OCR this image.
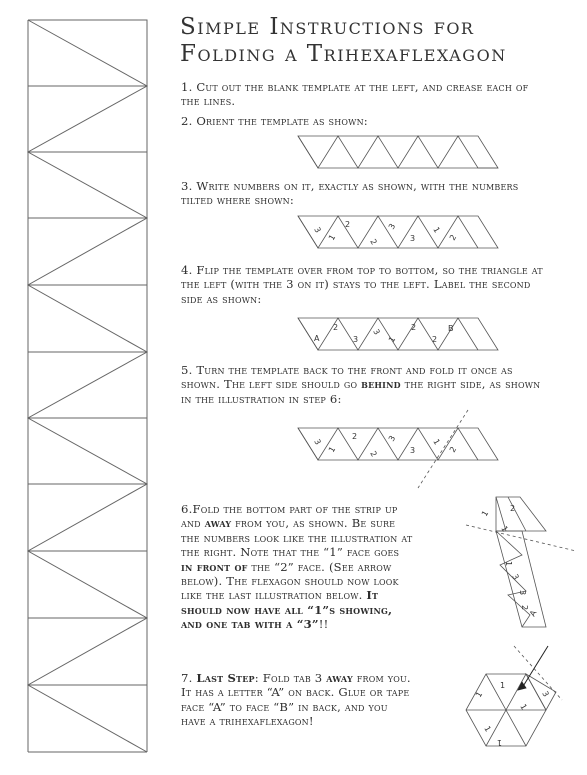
Simple Instructions for
Folding a Trihexaflexagon

1. Cut out the blank template at the left, and crease each of the lines.

2. Orient the template as shown:

3. Write numbers on it, exactly as shown, with the numbers tilted where shown:

3
1
2
2
3
3
1
2

4. Flip the template over from top to bottom, so the triangle at the left (with the 3 on it) stays to the left. Label the second side as shown:

A
2
3
3
1
2
2
B

5. Turn the template back to the front and fold it once as shown. The left side should go behind the right side, as shown in the illustration in step 6:

3
1
2
2
3
3
1
2

6.Fold the bottom part of the strip up and away from you, as shown. Be sure the numbers look like the illustration at the right. Note that the “1” face goes in front of the “2” face. (See arrow below). The flexagon should now look like the last illustration below. It should now have all “1”s showing, and one tab with a “3”!!

1
2
1
1
3
3
2
A

7. Last Step: Fold tab 3 away from you. It has a letter “A” on back. Glue or tape face “A” to face “B” in back, and you have a trihexaflexagon!

1
1
1
1
1
3
